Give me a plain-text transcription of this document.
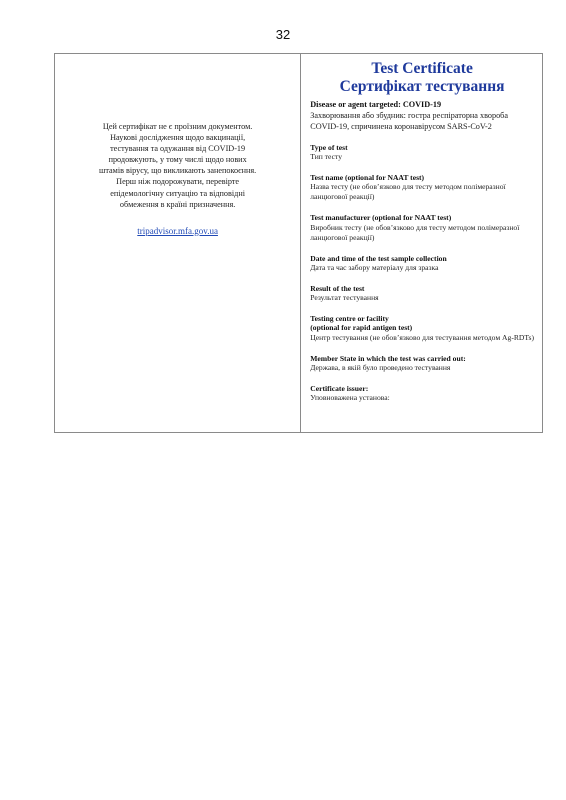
32
Цей сертифікат не є проїзним документом.
Наукові дослідження щодо вакцинації,
тестування та одужання від COVID-19
продовжують, у тому числі щодо нових
штамів вірусу, що викликають занепокоєння.
Перш ніж подорожувати, перевірте
епідемологічну ситуацію та відповідні
обмеження в країні призначення.
tripadvisor.mfa.gov.ua
Test Certificate
Сертифікат тестування
Disease or agent targeted: COVID-19
Захворювання або збудник: гостра респіраторна хвороба
COVID-19, спричинена коронавірусом SARS-CoV-2
Type of test
Тип тесту
Test name (optional for NAAT test)
Назва тесту (не обов’язково для тесту методом полімеразної
ланцюгової реакції)
Test manufacturer (optional for NAAT test)
Виробник тесту (не обов’язково для тесту методом полімеразної
ланцюгової реакції)
Date and time of the test sample collection
Дата та час забору матеріалу для зразка
Result of the test
Результат тестування
Testing centre or facility
(optional for rapid antigen test)
Центр тестування (не обов’язково для тестування методом Ag-RDTs)
Member State in which the test was carried out:
Держава, в якій було проведено тестування
Certificate issuer:
Уповноважена установа:
